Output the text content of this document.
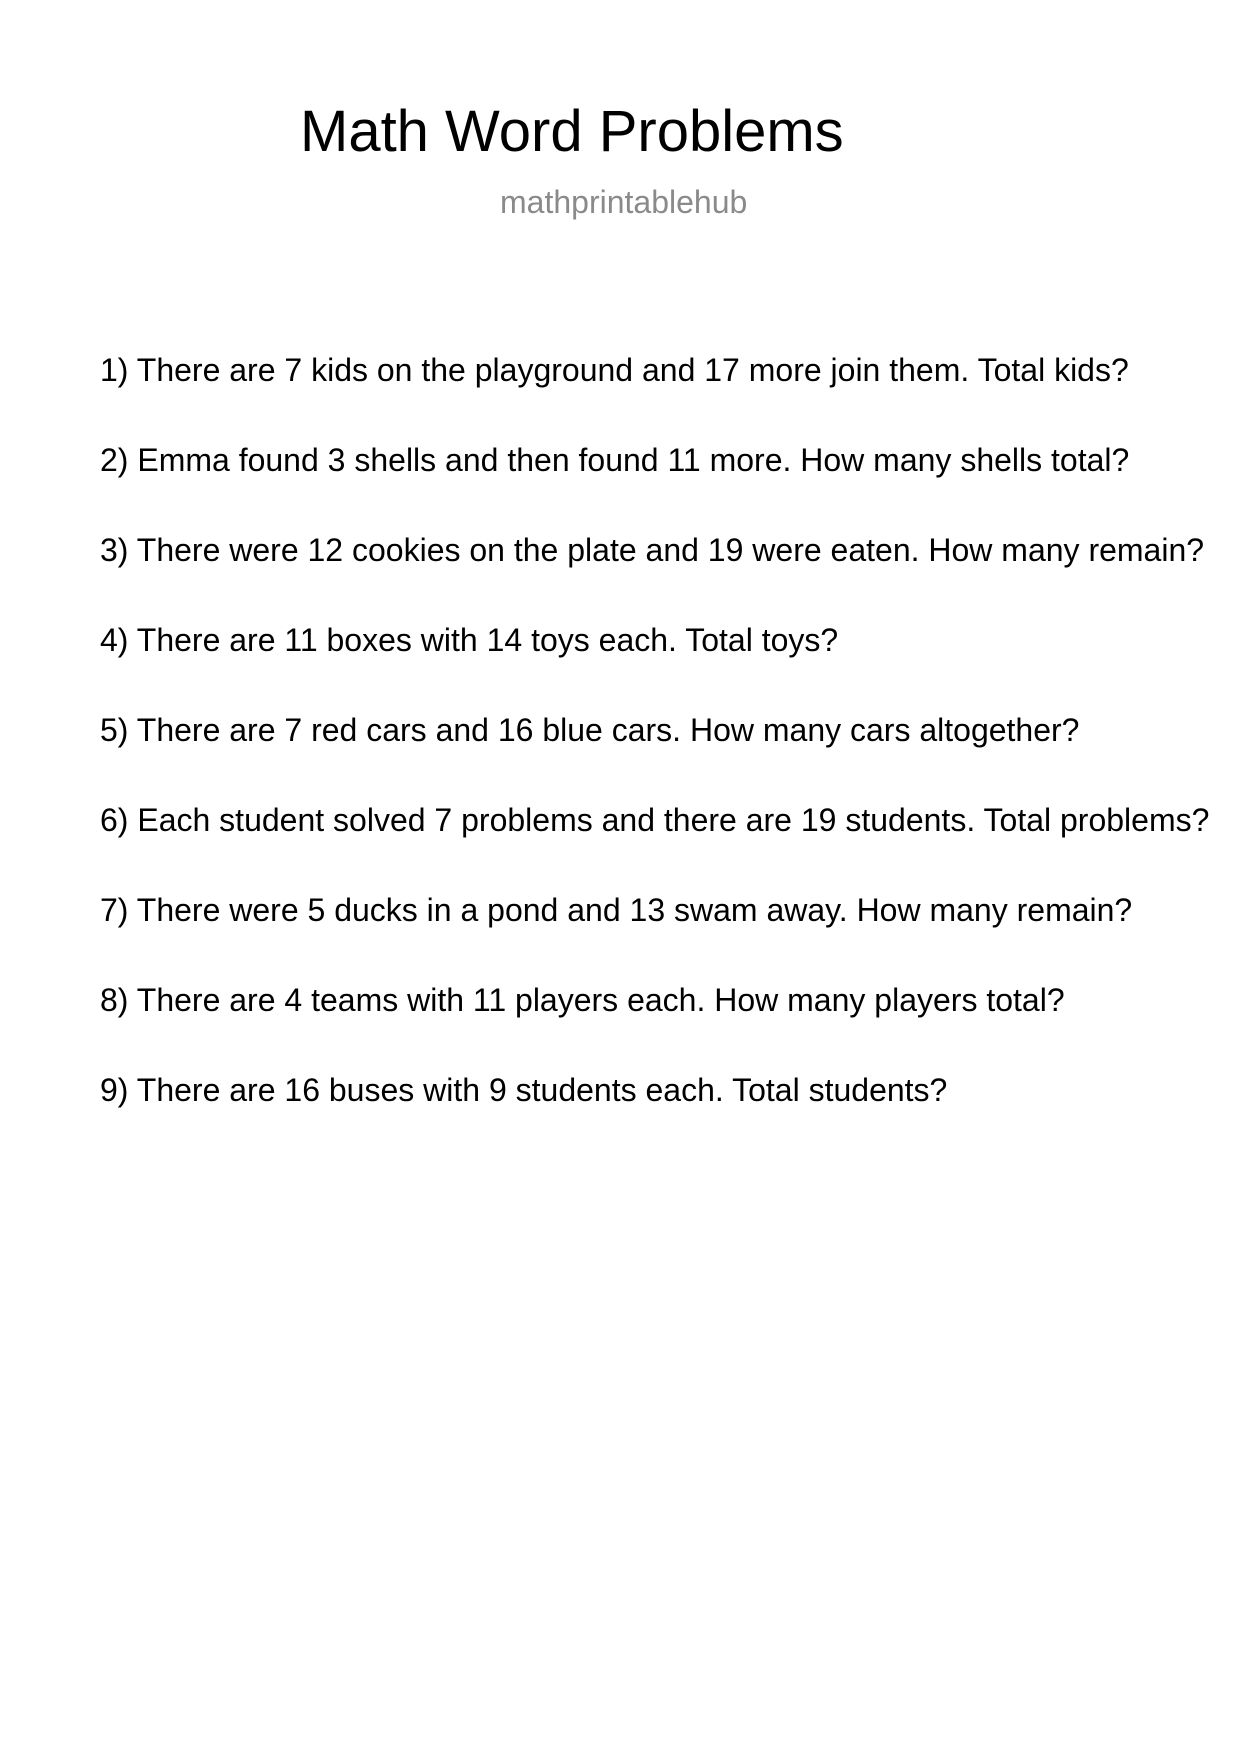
Math Word Problems
mathprintablehub
1) There are 7 kids on the playground and 17 more join them. Total kids?
2) Emma found 3 shells and then found 11 more. How many shells total?
3) There were 12 cookies on the plate and 19 were eaten. How many remain?
4) There are 11 boxes with 14 toys each. Total toys?
5) There are 7 red cars and 16 blue cars. How many cars altogether?
6) Each student solved 7 problems and there are 19 students. Total problems?
7) There were 5 ducks in a pond and 13 swam away. How many remain?
8) There are 4 teams with 11 players each. How many players total?
9) There are 16 buses with 9 students each. Total students?
